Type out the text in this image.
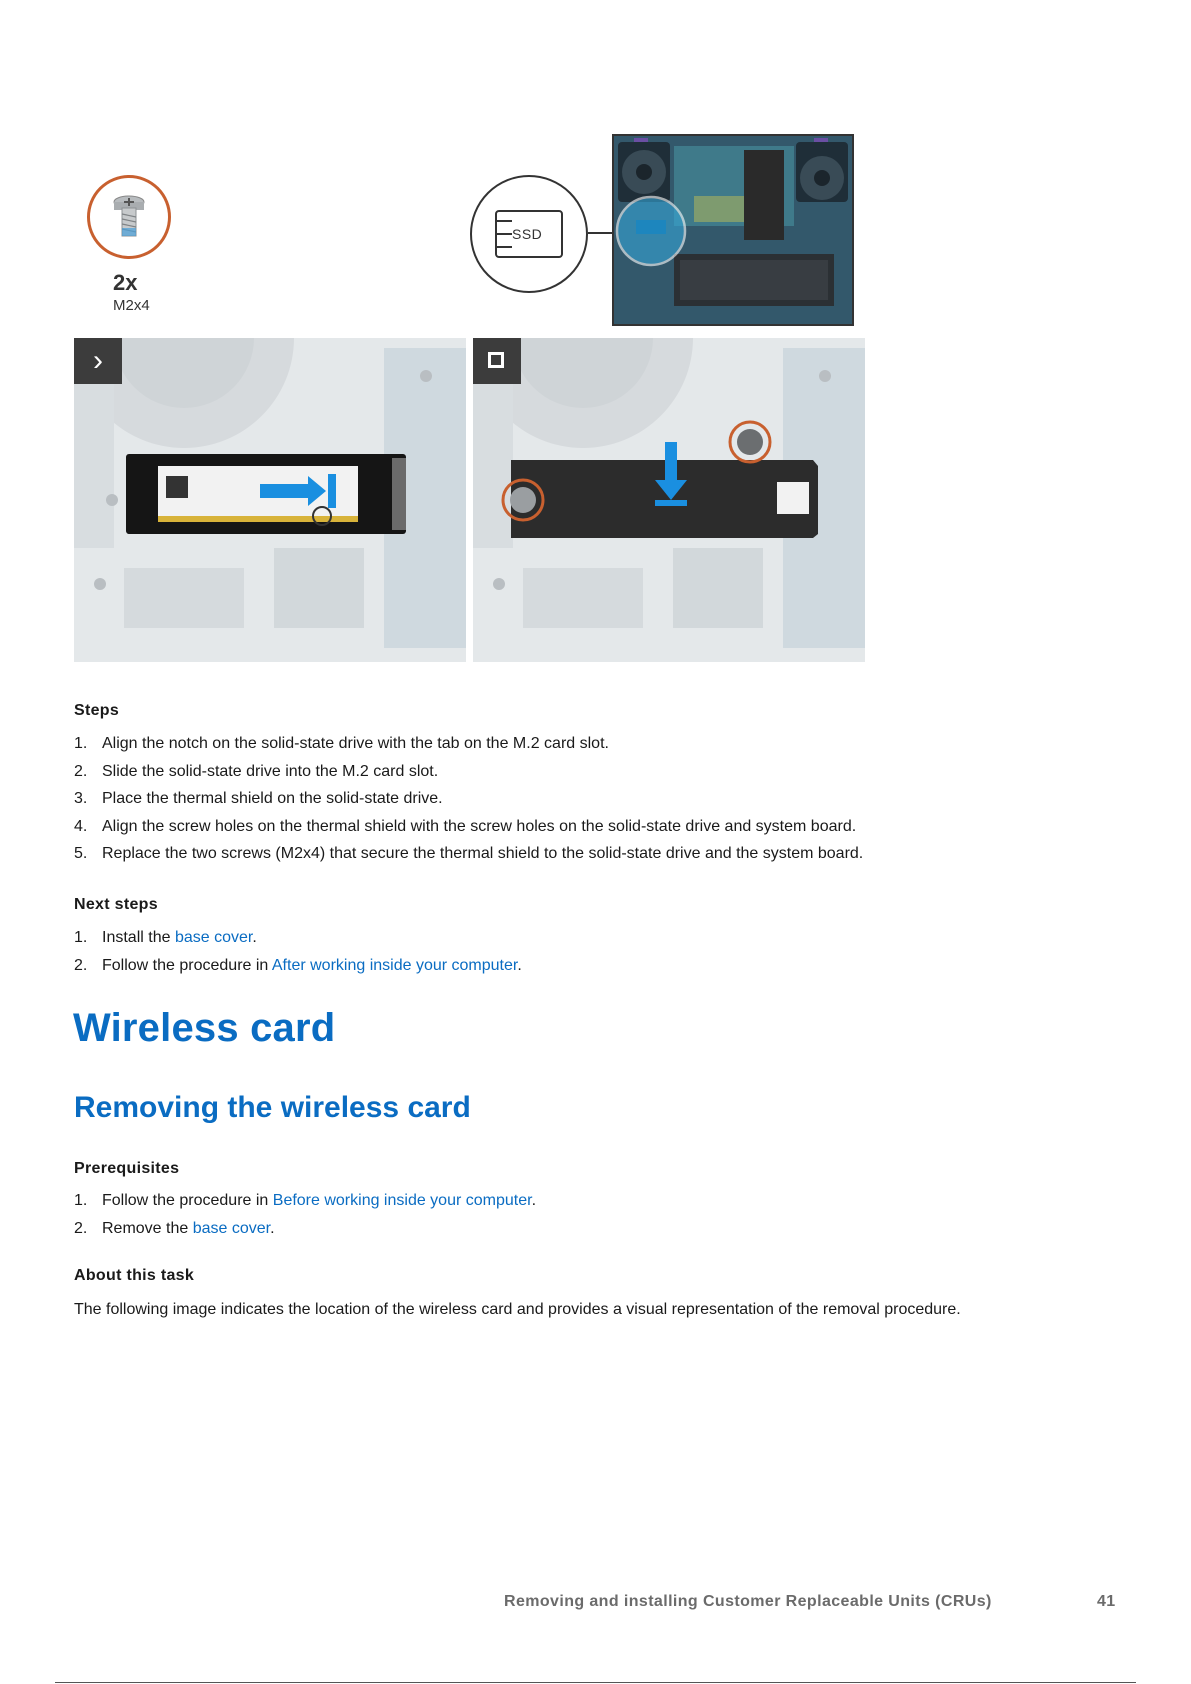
2x
M2x4
SSD
›
Steps
1. Align the notch on the solid-state drive with the tab on the M.2 card slot.
2. Slide the solid-state drive into the M.2 card slot.
3. Place the thermal shield on the solid-state drive.
4. Align the screw holes on the thermal shield with the screw holes on the solid-state drive and system board.
5. Replace the two screws (M2x4) that secure the thermal shield to the solid-state drive and the system board.
Next steps
1. Install the base cover.
2. Follow the procedure in After working inside your computer.
Wireless card
Removing the wireless card
Prerequisites
1. Follow the procedure in Before working inside your computer.
2. Remove the base cover.
About this task
The following image indicates the location of the wireless card and provides a visual representation of the removal procedure.
Removing and installing Customer Replaceable Units (CRUs)	41
